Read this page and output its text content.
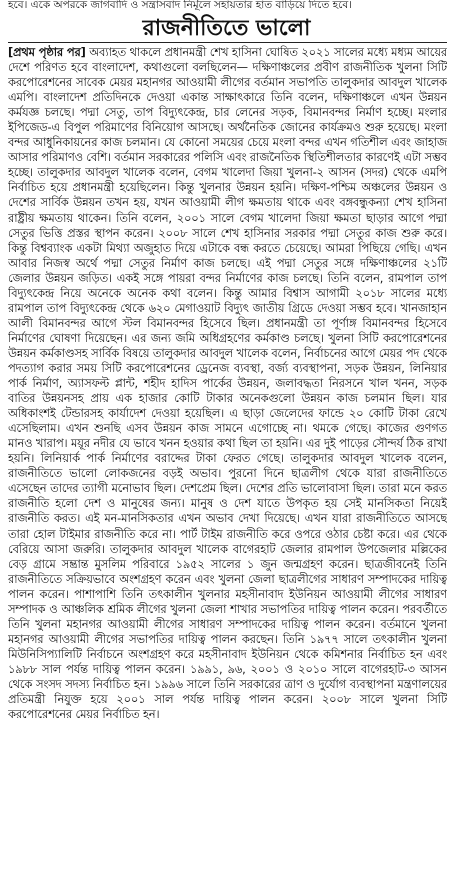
হবে। একে অপরকে জাগবাদি ও সন্ত্রাসবাদ নির্মূলে সহায়তার হাত বাড়িয়ে দিতে হবে।
রাজনীতিতে ভালো

[প্রথম পৃষ্ঠার পর] অব্যাহত থাকলে প্রধানমন্ত্রী শেখ হাসিনা ঘোষিত ২০২১ সালের মধ্যে মধ্যম আয়ের দেশে পরিণত হবে বাংলাদেশ, কথাগুলো বলছিলেন— দক্ষিণাঞ্চলের প্রবীণ রাজনীতিক খুলনা সিটি করপোরেশনের সাবেক মেয়র মহানগর আওয়ামী লীগের বর্তমান সভাপতি তালুকদার আবদুল খালেক এমপি। বাংলাদেশ প্রতিদিনকে দেওয়া একান্ত সাক্ষাৎকারে তিনি বলেন, দক্ষিণাঞ্চলে এখন উন্নয়ন কর্মযজ্ঞ চলছে। পদ্মা সেতু, তাপ বিদ্যুৎকেন্দ্র, চার লেনের সড়ক, বিমানবন্দর নির্মাণ হচ্ছে। মংলার ইপিজেড-এ বিপুল পরিমাণের বিনিয়োগ আসছে। অর্থনৈতিক জোনের কার্যক্রমও শুরু হয়েছে। মংলা বন্দর আধুনিকায়নের কাজ চলমান। যে কোনো সময়ের চেয়ে মংলা বন্দর এখন গতিশীল এবং জাহাজ আসার পরিমাণও বেশি। বর্তমান সরকারের পলিসি এবং রাজনৈতিক স্থিতিশীলতার কারণেই এটা সম্ভব হচ্ছে। তালুকদার আবদুল খালেক বলেন, বেগম খালেদা জিয়া খুলনা-২ আসন (সদর) থেকে এমপি নির্বাচিত হয়ে প্রধানমন্ত্রী হয়েছিলেন। কিন্তু খুলনার উন্নয়ন হয়নি। দক্ষিণ-পশ্চিম অঞ্চলের উন্নয়ন ও দেশের সার্বিক উন্নয়ন তখন হয়, যখন আওয়ামী লীগ ক্ষমতায় থাকে এবং বঙ্গবন্ধুকন্যা শেখ হাসিনা রাষ্ট্রীয় ক্ষমতায় থাকেন। তিনি বলেন, ২০০১ সালে বেগম খালেদা জিয়া ক্ষমতা ছাড়ার আগে পদ্মা সেতুর ভিত্তি প্রস্তর স্থাপন করেন। ২০০৮ সালে শেখ হাসিনার সরকার পদ্মা সেতুর কাজ শুরু করে। কিন্তু বিশ্বব্যাংক একটা মিথ্যা অজুহাত দিয়ে এটাকে বন্ধ করতে চেয়েছে। আমরা পিছিয়ে গেছি। এখন আবার নিজস্ব অর্থে পদ্মা সেতুর নির্মাণ কাজ চলছে। এই পদ্মা সেতুর সঙ্গে দক্ষিণাঞ্চলের ২১টি জেলার উন্নয়ন জড়িত। একই সঙ্গে পায়রা বন্দর নির্মাণের কাজ চলছে। তিনি বলেন, রামপাল তাপ বিদ্যুৎকেন্দ্র নিয়ে অনেকে অনেক কথা বলেন। কিন্তু আমার বিশ্বাস আগামী ২০১৮ সালের মধ্যে রামপাল তাপ বিদ্যুৎকেন্দ্র থেকে ৬২০ মেগাওয়াট বিদ্যুৎ জাতীয় গ্রিডে দেওয়া সম্ভব হবে। খানজাহান আলী বিমানবন্দর আগে স্টল বিমানবন্দর হিসেবে ছিল। প্রধানমন্ত্রী তা পূর্ণাঙ্গ বিমানবন্দর হিসেবে নির্মাণের ঘোষণা দিয়েছেন। এর জন্য জমি অধিগ্রহণের কর্মকাণ্ড চলছে। খুলনা সিটি করপোরেশনের উন্নয়ন কর্মকাণ্ডসহ সার্বিক বিষয়ে তালুকদার আবদুল খালেক বলেন, নির্বাচনের আগে মেয়র পদ থেকে পদত্যাগ করার সময় সিটি করপোরেশনের ড্রেনেজ ব্যবস্থা, বর্জ্য ব্যবস্থাপনা, সড়ক উন্নয়ন, লিনিয়ার পার্ক নির্মাণ, অ্যাসফল্ট প্লান্ট, শহীদ হাদিস পার্কের উন্নয়ন, জলাবদ্ধতা নিরসনে খাল খনন, সড়ক বাতির উন্নয়নসহ প্রায় এক হাজার কোটি টাকার অনেকগুলো উন্নয়ন কাজ চলমান ছিল। যার অধিকাংশই টেন্ডারসহ কার্যাদেশ দেওয়া হয়েছিল। এ ছাড়া জেলেদের ফান্ডে ২০ কোটি টাকা রেখে এসেছিলাম। এখন শুনছি এসব উন্নয়ন কাজ সামনে এগোচ্ছে না। থমকে গেছে। কাজের গুণগত মানও খারাপ। ময়ূর নদীর যে ভাবে খনন হওয়ার কথা ছিল তা হয়নি। এর দুই পাড়ের সৌন্দর্য ঠিক রাখা হয়নি। লিনিয়ার্ক পার্ক নির্মাণের বরাদ্দের টাকা ফেরত গেছে। তালুকদার আবদুল খালেক বলেন, রাজনীতিতে ভালো লোকজনের বড়ই অভাব। পুরনো দিনে ছাত্রলীগ থেকে যারা রাজনীতিতে এসেছেন তাদের ত্যাগী মনোভাব ছিল। দেশপ্রেম ছিল। দেশের প্রতি ভালোবাসা ছিল। তারা মনে করত রাজনীতি হলো দেশ ও মানুষের জন্য। মানুষ ও দেশ যাতে উপকৃত হয় সেই মানসিকতা নিয়েই রাজনীতি করত। এই মন-মানসিকতার এখন অভাব দেখা দিয়েছে। এখন যারা রাজনীতিতে আসছে তারা হোল টাইমার রাজনীতি করে না। পার্ট টাইম রাজনীতি করে ওপরে ওঠার চেষ্টা করে। এর থেকে বেরিয়ে আসা জরুরি। তালুকদার আবদুল খালেক বাগেরহাট জেলার রামপাল উপজেলার মল্লিকের বেড় গ্রামে সম্ভ্রান্ত মুসলিম পরিবারে ১৯৫২ সালের ১ জুন জন্মগ্রহণ করেন। ছাত্রজীবনেই তিনি রাজনীতিতে সক্রিয়ভাবে অংশগ্রহণ করেন এবং খুলনা জেলা ছাত্রলীগের সাধারণ সম্পাদকের দায়িত্ব পালন করেন। পাশাপাশি তিনি তৎকালীন খুলনার মহসীনাবাদ ইউনিয়ন আওয়ামী লীগের সাধারণ সম্পাদক ও আঞ্চলিক শ্রমিক লীগের খুলনা জেলা শাখার সভাপতির দায়িত্ব পালন করেন। পরবর্তীতে তিনি খুলনা মহানগর আওয়ামী লীগের সাধারণ সম্পাদকের দায়িত্ব পালন করেন। বর্তমানে খুলনা মহানগর আওয়ামী লীগের সভাপতির দায়িত্ব পালন করছেন। তিনি ১৯৭৭ সালে তৎকালীন খুলনা মিউনিসিপ্যালিটি নির্বাচনে অংশগ্রহণ করে মহসীনাবাদ ইউনিয়ন থেকে কমিশনার নির্বাচিত হন এবং ১৯৮৮ সাল পর্যন্ত দায়িত্ব পালন করেন। ১৯৯১, ৯৬, ২০০১ ও ২০১০ সালে বাগেরহাট-৩ আসন থেকে সংসদ সদস্য নির্বাচিত হন। ১৯৯৬ সালে তিনি সরকারের ত্রাণ ও দুর্যোগ ব্যবস্থাপনা মন্ত্রণালয়ের প্রতিমন্ত্রী নিযুক্ত হয়ে ২০০১ সাল পর্যন্ত দায়িত্ব পালন করেন। ২০০৮ সালে খুলনা সিটি করপোরেশনের মেয়র নির্বাচিত হন।
